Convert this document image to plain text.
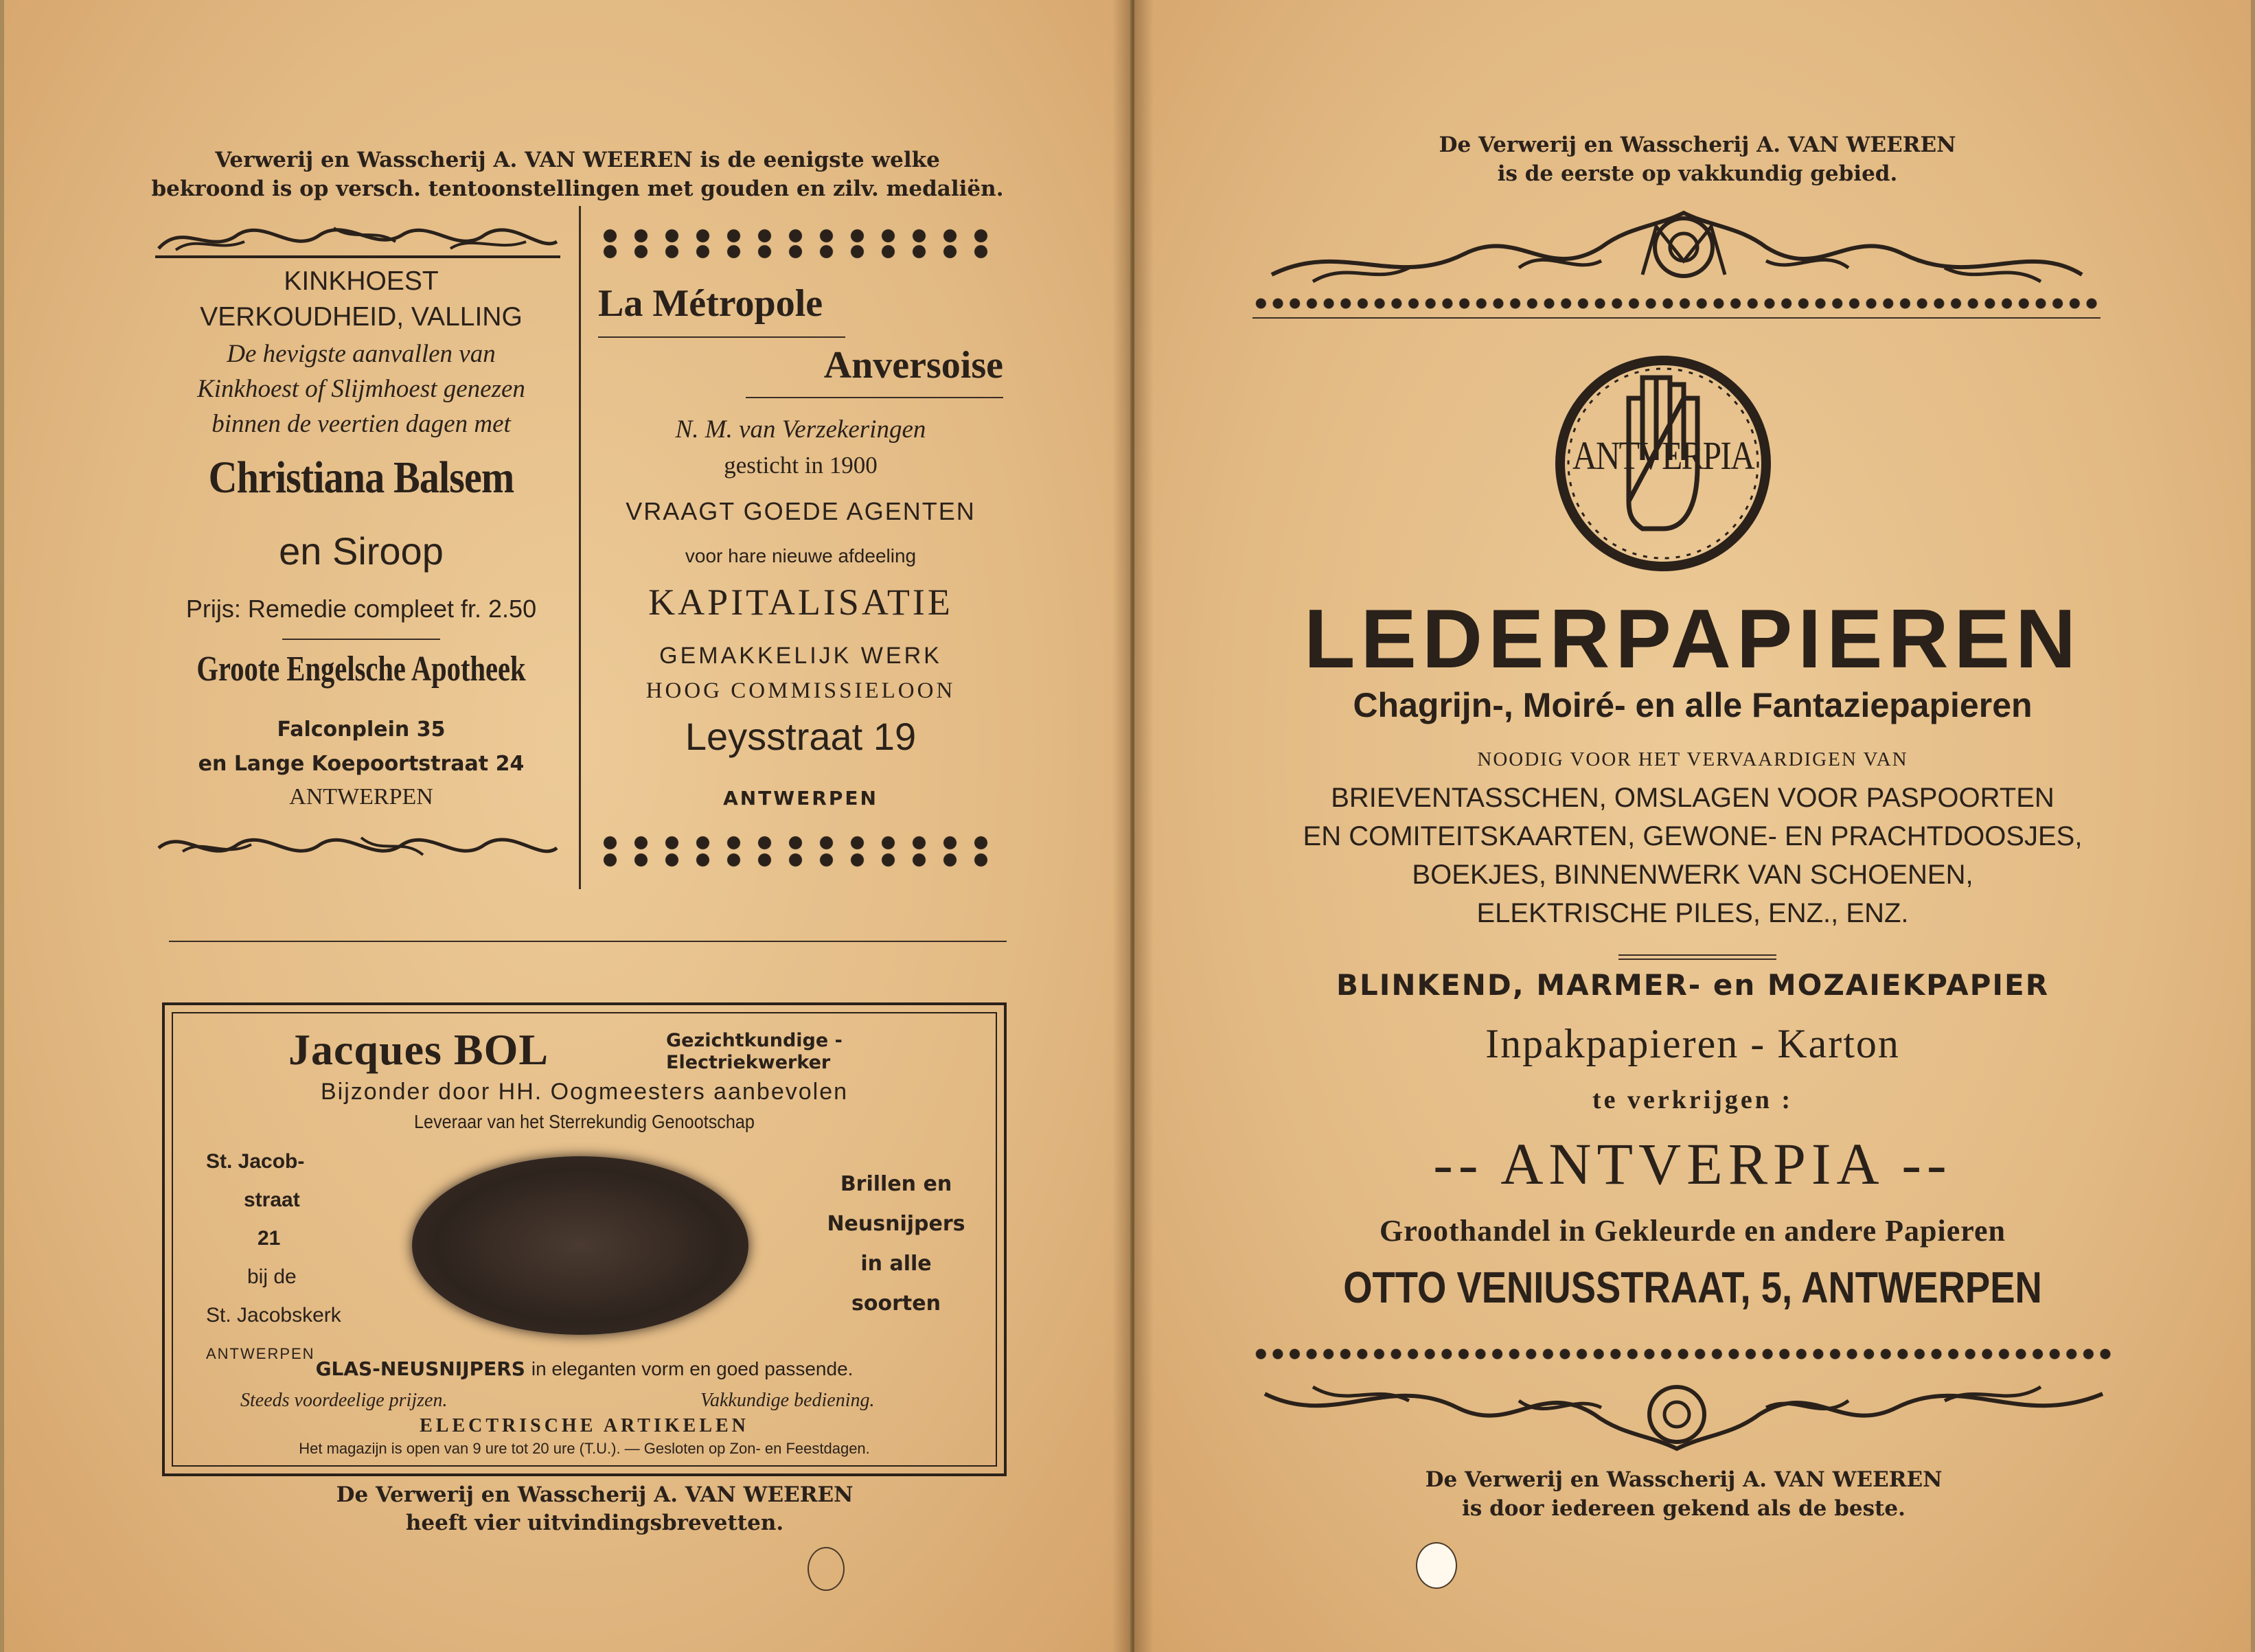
Verwerij en Wasscherij A. VAN WEEREN is de eenigste welke
bekroond is op versch. tentoonstellingen met gouden en zilv. medaliën.
KINKHOEST
VERKOUDHEID, VALLING
De hevigste aanvallen van
Kinkhoest of Slijmhoest genezen
binnen de veertien dagen met
Christiana Balsem
en Siroop
Prijs: Remedie compleet fr. 2.50
Groote Engelsche Apotheek
Falconplein 35
en Lange Koepoortstraat 24
ANTWERPEN
La Métropole
Anversoise
N. M. van Verzekeringen
gesticht in 1900
VRAAGT GOEDE AGENTEN
voor hare nieuwe afdeeling
KAPITALISATIE
GEMAKKELIJK WERK
HOOG COMMISSIELOON
Leysstraat 19
ANTWERPEN
Jacques BOL	Gezichtkundige -
Electriekwerker
Bijzonder door HH. Oogmeesters aanbevolen
Leveraar van het Sterrekundig Genootschap
St. Jacob-
straat
21
bij de
St. Jacobskerk
ANTWERPEN
Brillen en
Neusnijpers
in alle
soorten
GLAS-NEUSNIJPERS in eleganten vorm en goed passende.
Steeds voordeelige prijzen.	Vakkundige bediening.
ELECTRISCHE ARTIKELEN
Het magazijn is open van 9 ure tot 20 ure (T.U.). — Gesloten op Zon- en Feestdagen.
De Verwerij en Wasscherij A. VAN WEEREN
heeft vier uitvindingsbrevetten.
De Verwerij en Wasscherij A. VAN WEEREN
is de eerste op vakkundig gebied.
ANTVERPIA
LEDERPAPIEREN
Chagrijn-, Moiré- en alle Fantaziepapieren
NOODIG VOOR HET VERVAARDIGEN VAN
BRIEVENTASSCHEN, OMSLAGEN VOOR PASPOORTEN
EN COMITEITSKAARTEN, GEWONE- EN PRACHTDOOSJES,
BOEKJES, BINNENWERK VAN SCHOENEN,
ELEKTRISCHE PILES, ENZ., ENZ.
BLINKEND, MARMER- en MOZAIEKPAPIER
Inpakpapieren - Karton
te verkrijgen :
-- ANTVERPIA --
Groothandel in Gekleurde en andere Papieren
OTTO VENIUSSTRAAT, 5, ANTWERPEN
De Verwerij en Wasscherij A. VAN WEEREN
is door iedereen gekend als de beste.
